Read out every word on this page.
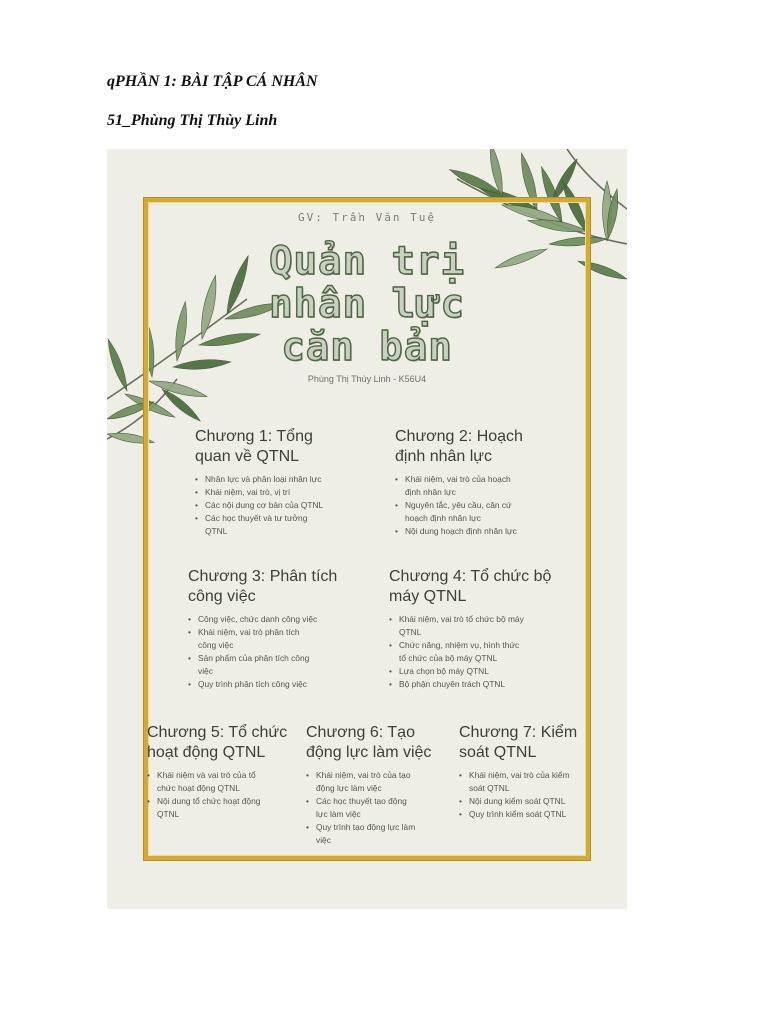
qPHẦN 1: BÀI TẬP CÁ NHÂN
51_Phùng Thị Thùy Linh
GV: Trần Văn Tuệ
Quản trị
nhân lực
căn bản
Phùng Thị Thùy Linh - K56U4
Chương 1: Tổng
quan về QTNL
• Nhân lực và phân loại nhân lực
• Khái niệm, vai trò, vị trí
• Các nội dung cơ bản của QTNL
• Các học thuyết và tư tưởng
QTNL
Chương 2: Hoạch
định nhân lực
• Khái niệm, vai trò của hoạch
định nhân lực
• Nguyên tắc, yêu cầu, căn cứ
hoạch định nhân lực
• Nội dung hoạch định nhân lực
Chương 3: Phân tích
công việc
• Công việc, chức danh công việc
• Khái niệm, vai trò phân tích
công việc
• Sản phẩm của phân tích công
việc
• Quy trình phân tích công việc
Chương 4: Tổ chức bộ
máy QTNL
• Khái niệm, vai trò tổ chức bộ máy
QTNL
• Chức năng, nhiệm vụ, hình thức
tổ chức của bộ máy QTNL
• Lựa chọn bộ máy QTNL
• Bộ phận chuyên trách QTNL
Chương 5: Tổ chức
hoạt động QTNL
• Khái niệm và vai trò của tổ
chức hoạt động QTNL
• Nội dung tổ chức hoạt động
QTNL
Chương 6: Tạo
động lực làm việc
• Khái niệm, vai trò của tạo
động lực làm việc
• Các học thuyết tạo động
lực làm việc
• Quy trình tạo động lực làm
việc
Chương 7: Kiểm
soát QTNL
• Khái niệm, vai trò của kiểm
soát QTNL
• Nội dung kiểm soát QTNL
• Quy trình kiểm soát QTNL
